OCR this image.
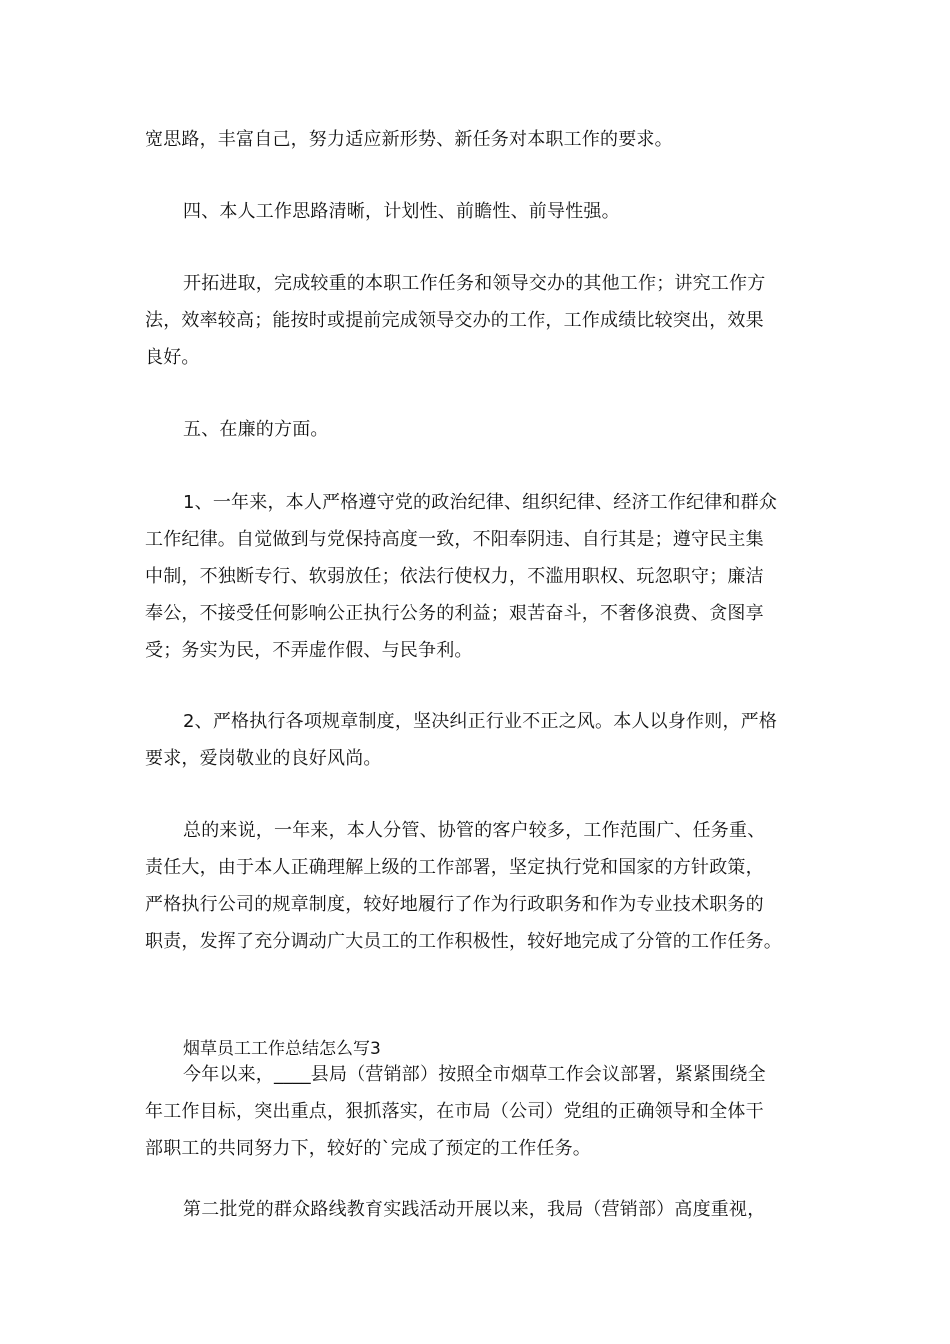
宽思路，丰富自己，努力适应新形势、新任务对本职工作的要求。
四、本人工作思路清晰，计划性、前瞻性、前导性强。
开拓进取，完成较重的本职工作任务和领导交办的其他工作；讲究工作方
法，效率较高；能按时或提前完成领导交办的工作，工作成绩比较突出，效果
良好。
五、在廉的方面。
1、一年来，本人严格遵守党的政治纪律、组织纪律、经济工作纪律和群众
工作纪律。自觉做到与党保持高度一致，不阳奉阴违、自行其是；遵守民主集
中制，不独断专行、软弱放任；依法行使权力，不滥用职权、玩忽职守；廉洁
奉公，不接受任何影响公正执行公务的利益；艰苦奋斗，不奢侈浪费、贪图享
受；务实为民，不弄虚作假、与民争利。
2、严格执行各项规章制度，坚决纠正行业不正之风。本人以身作则，严格
要求，爱岗敬业的良好风尚。
总的来说，一年来，本人分管、协管的客户较多，工作范围广、任务重、
责任大，由于本人正确理解上级的工作部署，坚定执行党和国家的方针政策，
严格执行公司的规章制度，较好地履行了作为行政职务和作为专业技术职务的
职责，发挥了充分调动广大员工的工作积极性，较好地完成了分管的工作任务。
烟草员工工作总结怎么写3
今年以来，____县局（营销部）按照全市烟草工作会议部署，紧紧围绕全
年工作目标，突出重点，狠抓落实，在市局（公司）党组的正确领导和全体干
部职工的共同努力下，较好的`完成了预定的工作任务。
第二批党的群众路线教育实践活动开展以来，我局（营销部）高度重视，
